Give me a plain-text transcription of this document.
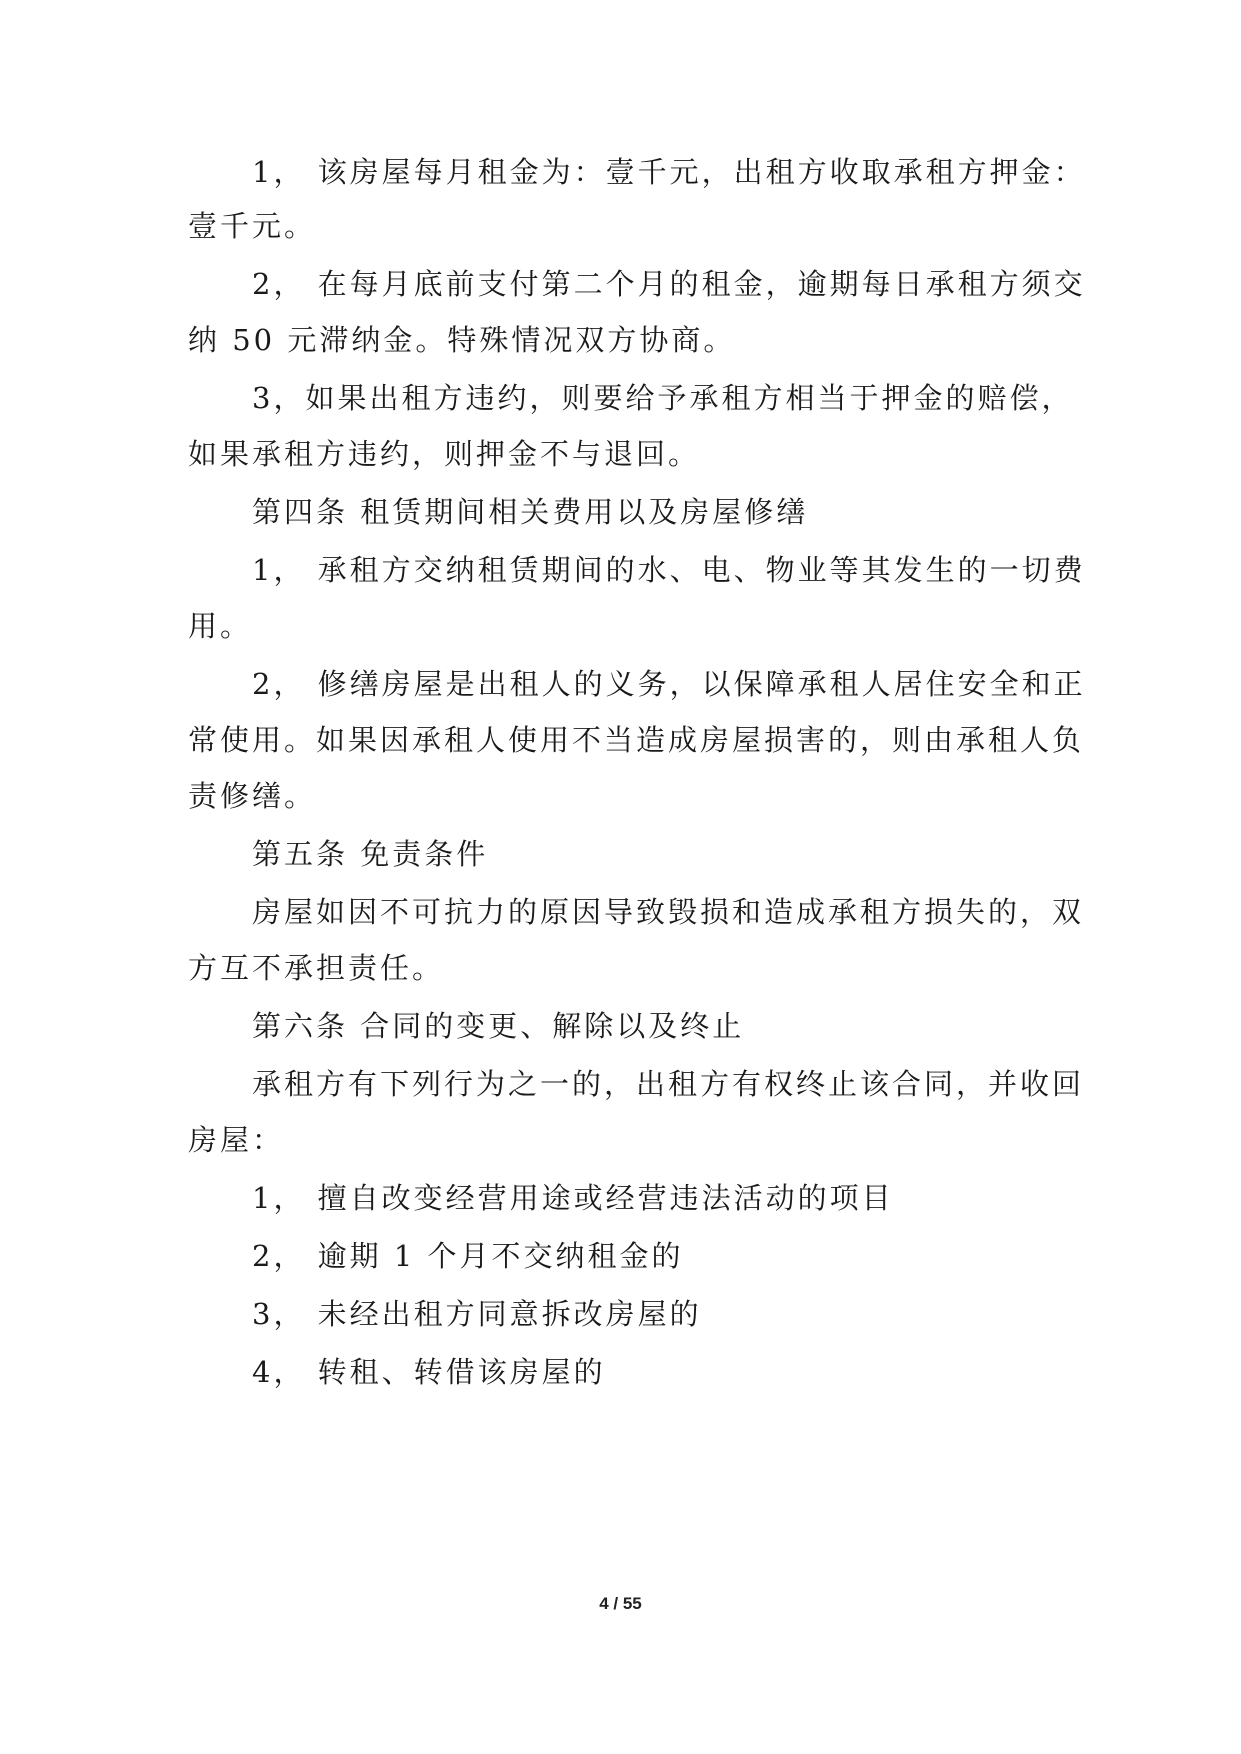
1， 该房屋每月租金为：壹千元，出租方收取承租方押金：
壹千元。
2， 在每月底前支付第二个月的租金，逾期每日承租方须交
纳 50 元滞纳金。特殊情况双方协商。
3，如果出租方违约，则要给予承租方相当于押金的赔偿，
如果承租方违约，则押金不与退回。
第四条 租赁期间相关费用以及房屋修缮
1， 承租方交纳租赁期间的水、电、物业等其发生的一切费
用。
2， 修缮房屋是出租人的义务，以保障承租人居住安全和正
常使用。如果因承租人使用不当造成房屋损害的，则由承租人负
责修缮。
第五条 免责条件
房屋如因不可抗力的原因导致毁损和造成承租方损失的，双
方互不承担责任。
第六条 合同的变更、解除以及终止
承租方有下列行为之一的，出租方有权终止该合同，并收回
房屋：
1， 擅自改变经营用途或经营违法活动的项目
2， 逾期 1 个月不交纳租金的
3， 未经出租方同意拆改房屋的
4， 转租、转借该房屋的
4 / 55
